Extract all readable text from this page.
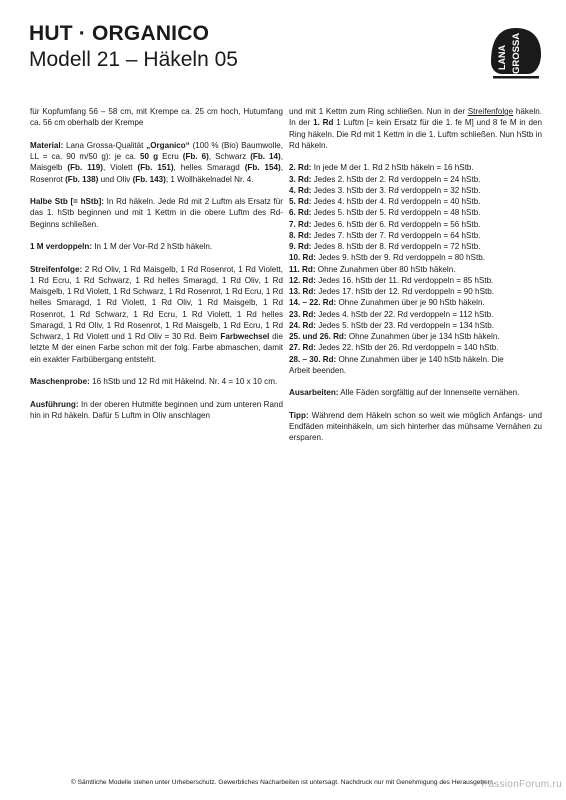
HUT · ORGANICO
Modell 21 – Häkeln 05	LANA GROSSA

für Kopfumfang 56 – 58 cm, mit Krempe ca. 25 cm hoch, Hutumfang ca. 56 cm oberhalb der Krempe

Material: Lana Grossa-Qualität „Organico“ (100 % (Bio) Baumwolle, LL = ca. 90 m/50 g): je ca. 50 g Ecru (Fb. 6), Schwarz (Fb. 14), Maisgelb (Fb. 119), Violett (Fb. 151), helles Smaragd (Fb. 154), Rosenrot (Fb. 138) und Oliv (Fb. 143); 1 Wollhäkelnadel Nr. 4.

Halbe Stb [= hStb]: In Rd häkeln. Jede Rd mit 2 Luftm als Ersatz für das 1. hStb beginnen und mit 1 Kettm in die obere Luftm des Rd-Beginns schließen.

1 M verdoppeln: In 1 M der Vor-Rd 2 hStb häkeln.

Streifenfolge: 2 Rd Oliv, 1 Rd Maisgelb, 1 Rd Rosenrot, 1 Rd Violett, 1 Rd Ecru, 1 Rd Schwarz, 1 Rd helles Smaragd, 1 Rd Oliv, 1 Rd Maisgelb, 1 Rd Violett, 1 Rd Schwarz, 1 Rd Rosenrot, 1 Rd Ecru, 1 Rd helles Smaragd, 1 Rd Violett, 1 Rd Oliv, 1 Rd Maisgelb, 1 Rd Rosenrot, 1 Rd Schwarz, 1 Rd Ecru, 1 Rd Violett, 1 Rd helles Smaragd, 1 Rd Oliv, 1 Rd Rosenrot, 1 Rd Maisgelb, 1 Rd Ecru, 1 Rd Schwarz, 1 Rd Violett und 1 Rd Oliv = 30 Rd. Beim Farbwechsel die letzte M der einen Farbe schon mit der folg. Farbe abmaschen, damit ein exakter Farbübergang entsteht.

Maschenprobe: 16 hStb und 12 Rd mit Häkelnd. Nr. 4 = 10 x 10 cm.

Ausführung: In der oberen Hutmitte beginnen und zum unteren Rand hin in Rd häkeln. Dafür 5 Luftm in Oliv anschlagen

und mit 1 Kettm zum Ring schließen. Nun in der Streifenfolge häkeln. In der 1. Rd 1 Luftm [= kein Ersatz für die 1. fe M] und 8 fe M in den Ring häkeln. Die Rd mit 1 Kettm in die 1. Luftm schließen. Nun hStb in Rd häkeln.

2. Rd: In jede M der 1. Rd 2 hStb häkeln = 16 hStb.
3. Rd: Jedes 2. hStb der 2. Rd verdoppeln = 24 hStb.
4. Rd: Jedes 3. hStb der 3. Rd verdoppeln = 32 hStb.
5. Rd: Jedes 4. hStb der 4. Rd verdoppeln = 40 hStb.
6. Rd: Jedes 5. hStb der 5. Rd verdoppeln = 48 hStb.
7. Rd: Jedes 6. hStb der 6. Rd verdoppeln = 56 hStb.
8. Rd: Jedes 7. hStb der 7. Rd verdoppeln = 64 hStb.
9. Rd: Jedes 8. hStb der 8. Rd verdoppeln = 72 hStb.
10. Rd: Jedes 9. hStb der 9. Rd verdoppeln = 80 hStb.
11. Rd: Ohne Zunahmen über 80 hStb häkeln.
12. Rd: Jedes 16. hStb der 11. Rd verdoppeln = 85 hStb.
13. Rd: Jedes 17. hStb der 12. Rd verdoppeln = 90 hStb.
14. – 22. Rd: Ohne Zunahmen über je 90 hStb häkeln.
23. Rd: Jedes 4. hStb der 22. Rd verdoppeln = 112 hStb.
24. Rd: Jedes 5. hStb der 23. Rd verdoppeln = 134 hStb.
25. und 26. Rd: Ohne Zunahmen über je 134 hStb häkeln.
27. Rd: Jedes 22. hStb der 26. Rd verdoppeln = 140 hStb.
28. – 30. Rd: Ohne Zunahmen über je 140 hStb häkeln. Die
Arbeit beenden.

Ausarbeiten: Alle Fäden sorgfältig auf der Innenseite vernähen.

Tipp: Während dem Häkeln schon so weit wie möglich Anfangs- und Endfäden miteinhäkeln, um sich hinterher das mühsame Vernähen zu ersparen.

© Sämtliche Modelle stehen unter Urheberschutz. Gewerbliches Nacharbeiten ist untersagt. Nachdruck nur mit Genehmigung des Herausgebers.
PassionForum.ru
